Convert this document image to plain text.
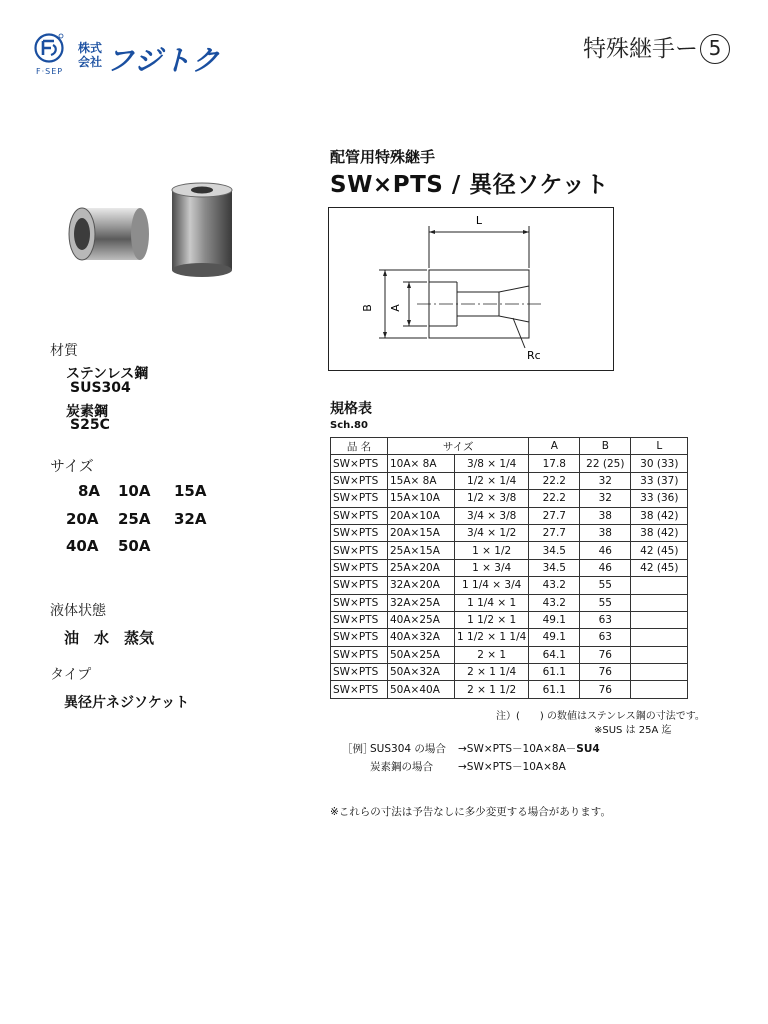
F·SEP
株式会社 フジトク	特殊継手ー 5
材質
ステンレス鋼
SUS304
炭素鋼
S25C
サイズ
8A 10A 15A
20A 25A 32A
40A 50A
液体状態
油　水　蒸気
タイプ
異径片ネジソケット
配管用特殊継手
SW×PTS / 異径ソケット
L
B A
Rc
規格表
Sch.80
品 名	サイズ		A	B	L
SW×PTS	10A× 8A	3/8 × 1/4	17.8	22 (25)	30 (33)
SW×PTS	15A× 8A	1/2 × 1/4	22.2	32	33 (37)
SW×PTS	15A×10A	1/2 × 3/8	22.2	32	33 (36)
SW×PTS	20A×10A	3/4 × 3/8	27.7	38	38 (42)
SW×PTS	20A×15A	3/4 × 1/2	27.7	38	38 (42)
SW×PTS	25A×15A	1 × 1/2	34.5	46	42 (45)
SW×PTS	25A×20A	1 × 3/4	34.5	46	42 (45)
SW×PTS	32A×20A	1 1/4 × 3/4	43.2	55	
SW×PTS	32A×25A	1 1/4 × 1	43.2	55	
SW×PTS	40A×25A	1 1/2 × 1	49.1	63	
SW×PTS	40A×32A	1 1/2 × 1 1/4	49.1	63	
SW×PTS	50A×25A	2 × 1	64.1	76	
SW×PTS	50A×32A	2 × 1 1/4	61.1	76	
SW×PTS	50A×40A	2 × 1 1/2	61.1	76	
注）(　　) の数値はステンレス鋼の寸法です。
※SUS は 25A 迄
［例］
SUS304 の場合 →SW×PTS－10A×8A－SU4
炭素鋼の場合 →SW×PTS－10A×8A
※これらの寸法は予告なしに多少変更する場合があります。
